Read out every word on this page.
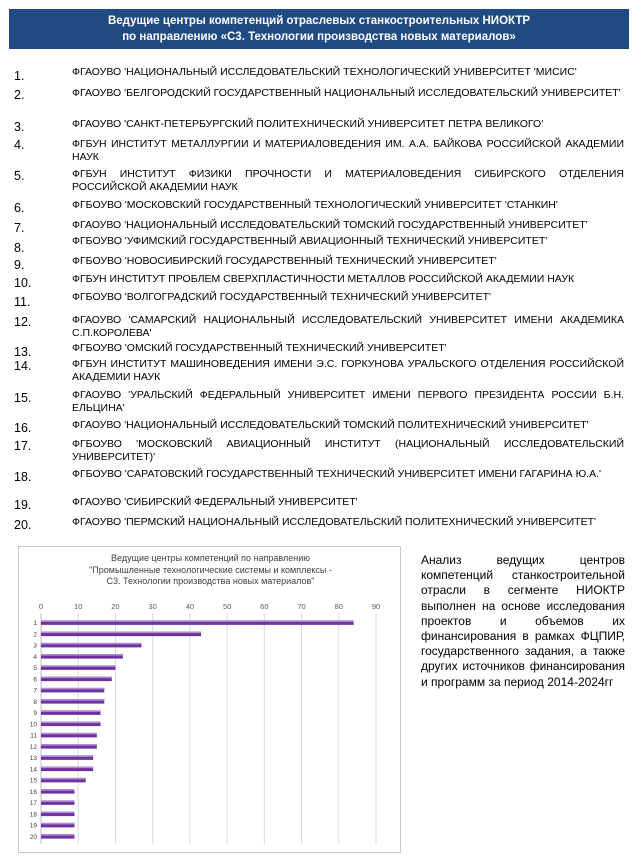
Ведущие центры компетенций отраслевых станкостроительных НИОКТР
по направлению «С3. Технологии производства новых материалов»
1.	ФГАОУВО 'НАЦИОНАЛЬНЫЙ ИССЛЕДОВАТЕЛЬСКИЙ ТЕХНОЛОГИЧЕСКИЙ УНИВЕРСИТЕТ 'МИСИС'
2.	ФГАОУВО 'БЕЛГОРОДСКИЙ ГОСУДАРСТВЕННЫЙ НАЦИОНАЛЬНЫЙ ИССЛЕДОВАТЕЛЬСКИЙ УНИВЕРСИТЕТ'
3.	ФГАОУВО 'САНКТ-ПЕТЕРБУРГСКИЙ ПОЛИТЕХНИЧЕСКИЙ УНИВЕРСИТЕТ ПЕТРА ВЕЛИКОГО'
4.	ФГБУН ИНСТИТУТ МЕТАЛЛУРГИИ И МАТЕРИАЛОВЕДЕНИЯ ИМ. А.А. БАЙКОВА РОССИЙСКОЙ АКАДЕМИИ НАУК
5.	ФГБУН ИНСТИТУТ ФИЗИКИ ПРОЧНОСТИ И МАТЕРИАЛОВЕДЕНИЯ СИБИРСКОГО ОТДЕЛЕНИЯ РОССИЙСКОЙ АКАДЕМИИ НАУК
6.	ФГБОУВО 'МОСКОВСКИЙ ГОСУДАРСТВЕННЫЙ ТЕХНОЛОГИЧЕСКИЙ УНИВЕРСИТЕТ 'СТАНКИН'
7.	ФГАОУВО 'НАЦИОНАЛЬНЫЙ ИССЛЕДОВАТЕЛЬСКИЙ ТОМСКИЙ ГОСУДАРСТВЕННЫЙ УНИВЕРСИТЕТ'
8.	ФГБОУВО 'УФИМСКИЙ ГОСУДАРСТВЕННЫЙ АВИАЦИОННЫЙ ТЕХНИЧЕСКИЙ УНИВЕРСИТЕТ'
9.	ФГБОУВО 'НОВОСИБИРСКИЙ ГОСУДАРСТВЕННЫЙ ТЕХНИЧЕСКИЙ УНИВЕРСИТЕТ'
10.	ФГБУН ИНСТИТУТ ПРОБЛЕМ СВЕРХПЛАСТИЧНОСТИ МЕТАЛЛОВ РОССИЙСКОЙ АКАДЕМИИ НАУК
11.	ФГБОУВО 'ВОЛГОГРАДСКИЙ ГОСУДАРСТВЕННЫЙ ТЕХНИЧЕСКИЙ УНИВЕРСИТЕТ'
12.	ФГАОУВО 'САМАРСКИЙ НАЦИОНАЛЬНЫЙ ИССЛЕДОВАТЕЛЬСКИЙ УНИВЕРСИТЕТ ИМЕНИ АКАДЕМИКА С.П.КОРОЛЕВА'
13.	ФГБОУВО 'ОМСКИЙ ГОСУДАРСТВЕННЫЙ ТЕХНИЧЕСКИЙ УНИВЕРСИТЕТ'
14.	ФГБУН ИНСТИТУТ МАШИНОВЕДЕНИЯ ИМЕНИ Э.С. ГОРКУНОВА УРАЛЬСКОГО ОТДЕЛЕНИЯ РОССИЙСКОЙ АКАДЕМИИ НАУК
15.	ФГАОУВО 'УРАЛЬСКИЙ ФЕДЕРАЛЬНЫЙ УНИВЕРСИТЕТ ИМЕНИ ПЕРВОГО ПРЕЗИДЕНТА РОССИИ Б.Н. ЕЛЬЦИНА'
16.	ФГАОУВО 'НАЦИОНАЛЬНЫЙ ИССЛЕДОВАТЕЛЬСКИЙ ТОМСКИЙ ПОЛИТЕХНИЧЕСКИЙ УНИВЕРСИТЕТ'
17.	ФГБОУВО 'МОСКОВСКИЙ АВИАЦИОННЫЙ ИНСТИТУТ (НАЦИОНАЛЬНЫЙ ИССЛЕДОВАТЕЛЬСКИЙ УНИВЕРСИТЕТ)'
18.	ФГБОУВО 'САРАТОВСКИЙ ГОСУДАРСТВЕННЫЙ ТЕХНИЧЕСКИЙ УНИВЕРСИТЕТ ИМЕНИ ГАГАРИНА Ю.А.'
19.	ФГАОУВО 'СИБИРСКИЙ ФЕДЕРАЛЬНЫЙ УНИВЕРСИТЕТ'
20.	ФГАОУВО 'ПЕРМСКИЙ НАЦИОНАЛЬНЫЙ ИССЛЕДОВАТЕЛЬСКИЙ ПОЛИТЕХНИЧЕСКИЙ УНИВЕРСИТЕТ'
Ведущие центры компетенций по направлению
"Промышленные технологические системы и комплексы -
С3. Технологии производства новых материалов"
0	10	20	30	40	50	60	70	80	90
1
2
3
4
5
6
7
8
9
10
11
12
13
14
15
16
17
18
19
20
Анализ ведущих центров компетенций станкостроительной отрасли в сегменте НИОКТР выполнен на основе исследования проектов и объемов их финансирования в рамках ФЦПИР, государственного задания, а также других источников финансирования и программ за период 2014-2024гг
